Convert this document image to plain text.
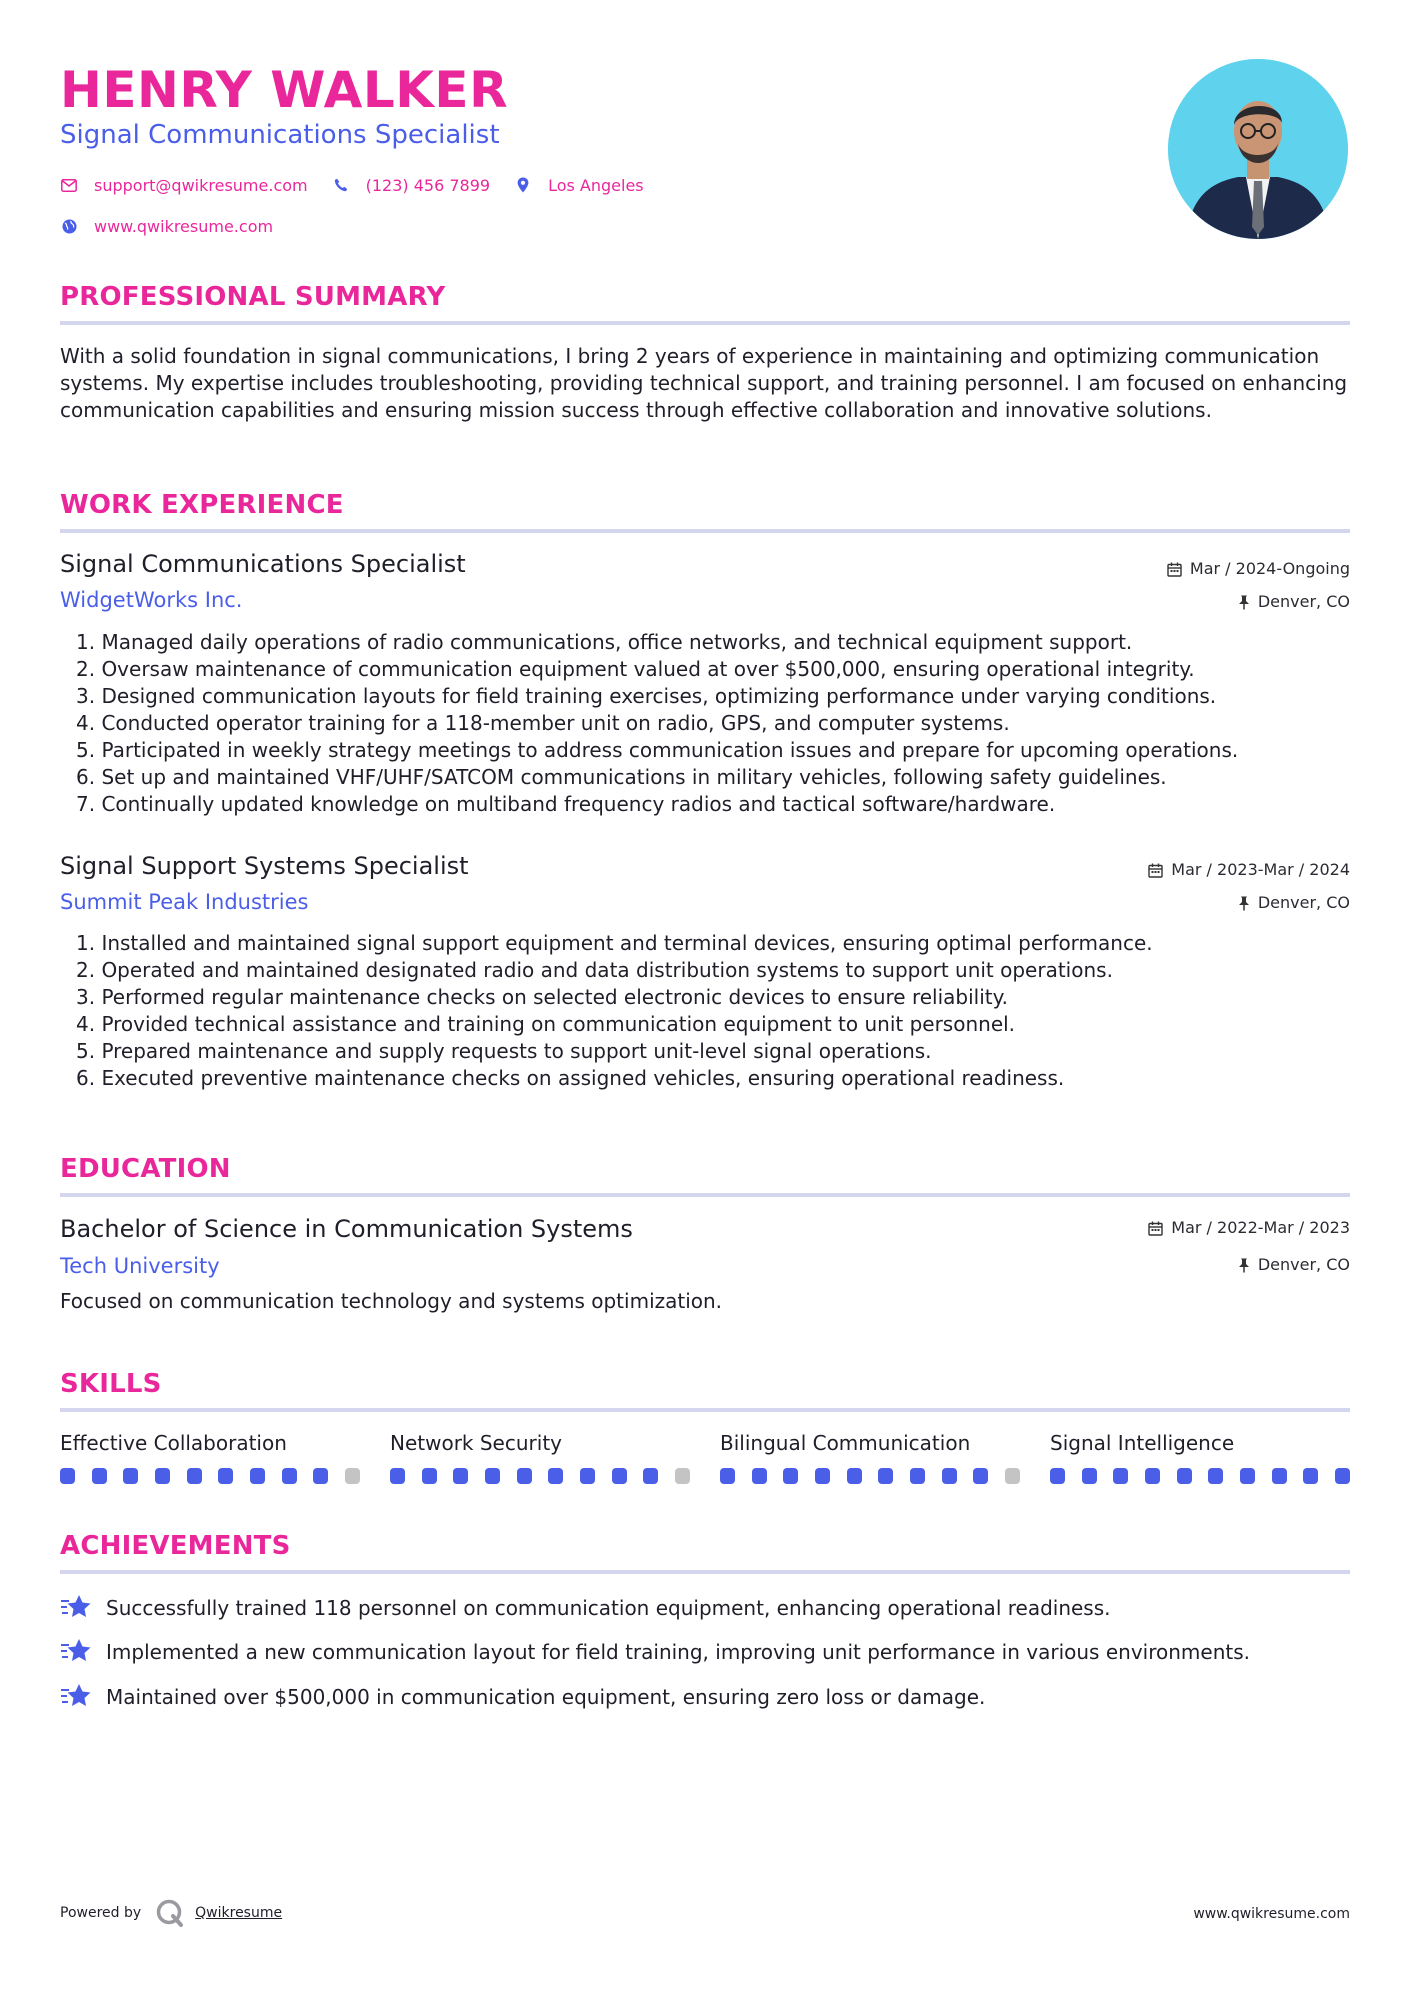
HENRY WALKER
Signal Communications Specialist
support@qwikresume.com	(123) 456 7899	Los Angeles
www.qwikresume.com
PROFESSIONAL SUMMARY

With a solid foundation in signal communications, I bring 2 years of experience in maintaining and optimizing communication systems. My expertise includes troubleshooting, providing technical support, and training personnel. I am focused on enhancing communication capabilities and ensuring mission success through effective collaboration and innovative solutions.

WORK EXPERIENCE
Signal Communications Specialist	Mar / 2024-Ongoing
WidgetWorks Inc.	Denver, CO
1. Managed daily operations of radio communications, office networks, and technical equipment support.
2. Oversaw maintenance of communication equipment valued at over $500,000, ensuring operational integrity.
3. Designed communication layouts for field training exercises, optimizing performance under varying conditions.
4. Conducted operator training for a 118-member unit on radio, GPS, and computer systems.
5. Participated in weekly strategy meetings to address communication issues and prepare for upcoming operations.
6. Set up and maintained VHF/UHF/SATCOM communications in military vehicles, following safety guidelines.
7. Continually updated knowledge on multiband frequency radios and tactical software/hardware.
Signal Support Systems Specialist	Mar / 2023-Mar / 2024
Summit Peak Industries	Denver, CO
1. Installed and maintained signal support equipment and terminal devices, ensuring optimal performance.
2. Operated and maintained designated radio and data distribution systems to support unit operations.
3. Performed regular maintenance checks on selected electronic devices to ensure reliability.
4. Provided technical assistance and training on communication equipment to unit personnel.
5. Prepared maintenance and supply requests to support unit-level signal operations.
6. Executed preventive maintenance checks on assigned vehicles, ensuring operational readiness.
EDUCATION
Bachelor of Science in Communication Systems	Mar / 2022-Mar / 2023
Tech University	Denver, CO

Focused on communication technology and systems optimization.

SKILLS
Effective Collaboration	Network Security	Bilingual Communication	Signal Intelligence
ACHIEVEMENTS
Successfully trained 118 personnel on communication equipment, enhancing operational readiness.
Implemented a new communication layout for field training, improving unit performance in various environments.
Maintained over $500,000 in communication equipment, ensuring zero loss or damage.
Powered by	Qwikresume	www.qwikresume.com
